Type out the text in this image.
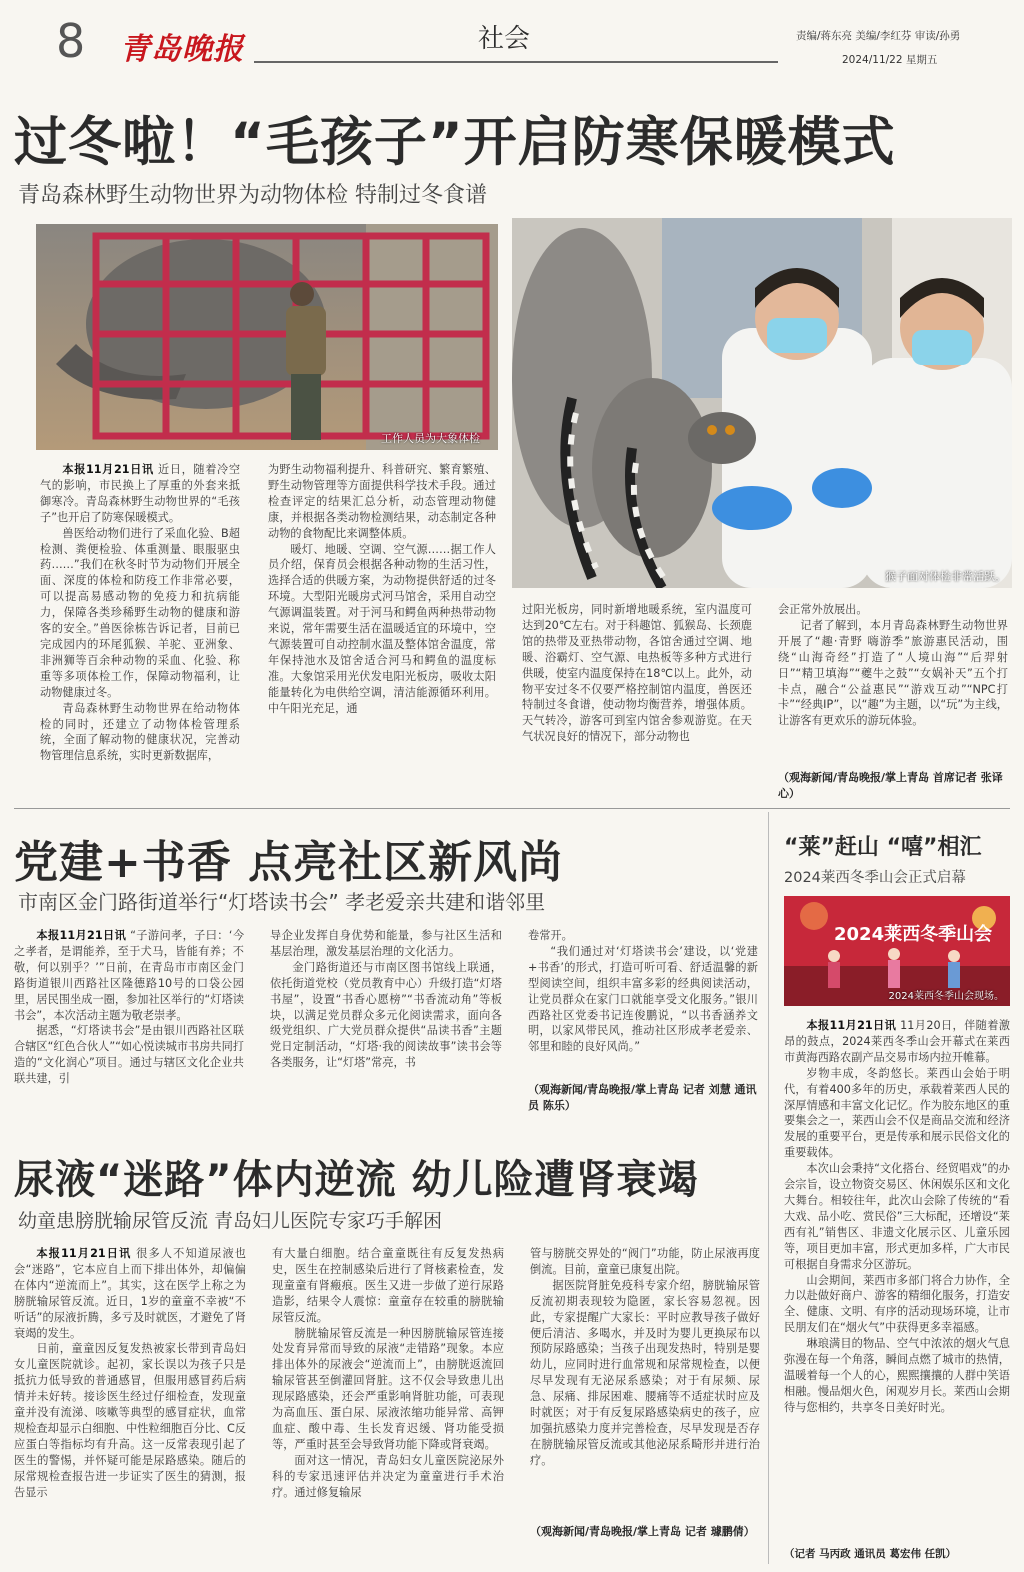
8 青岛晚报	社会	责编/蒋东亮 美编/李红芬 审读/孙勇
2024/11/22 星期五
过冬啦！“毛孩子”开启防寒保暖模式
青岛森林野生动物世界为动物体检 特制过冬食谱
工作人员为大象体检
猴子面对体检非常活跃。

本报11月21日讯 近日，随着冷空气的影响，市民换上了厚重的外套来抵御寒冷。青岛森林野生动物世界的“毛孩子”也开启了防寒保暖模式。

兽医给动物们进行了采血化验、B超检测、粪便检验、体重测量、眼服驱虫药……”我们在秋冬时节为动物们开展全面、深度的体检和防疫工作非常必要，可以提高易感动物的免疫力和抗病能力，保障各类珍稀野生动物的健康和游客的安全。”兽医徐栋告诉记者，目前已完成园内的环尾狐猴、羊驼、亚洲象、非洲狮等百余种动物的采血、化验、称重等多项体检工作，保障动物福利，让动物健康过冬。

青岛森林野生动物世界在给动物体检的同时，还建立了动物体检管理系统，全面了解动物的健康状况，完善动物管理信息系统，实时更新数据库，

为野生动物福利提升、科普研究、繁育繁殖、野生动物管理等方面提供科学技术手段。通过检查评定的结果汇总分析，动态管理动物健康，并根据各类动物检测结果，动态制定各种动物的食物配比来调整体质。

暖灯、地暖、空调、空气源……据工作人员介绍，保育员会根据各种动物的生活习性，选择合适的供暖方案，为动物提供舒适的过冬环境。大型阳光暖房式河马馆舍，采用自动空气源调温装置。对于河马和鳄鱼两种热带动物来说，常年需要生活在温暖适宜的环境中，空气源装置可自动控制水温及整体馆舍温度，常年保持池水及馆舍适合河马和鳄鱼的温度标准。大象馆采用光伏发电阳光板房，吸收太阳能量转化为电供给空调，清洁能源循环利用。中午阳光充足，通

过阳光板房，同时新增地暖系统，室内温度可达到20℃左右。对于科趣馆、狐猴岛、长颈鹿馆的热带及亚热带动物，各馆舍通过空调、地暖、浴霸灯、空气源、电热板等多种方式进行供暖，使室内温度保持在18℃以上。此外，动物平安过冬不仅要严格控制馆内温度，兽医还特制过冬食谱，使动物均衡营养，增强体质。天气转冷，游客可到室内馆舍参观游览。在天气状况良好的情况下，部分动物也

会正常外放展出。

记者了解到，本月青岛森林野生动物世界开展了“趣·青野 嗨游季”旅游惠民活动，围绕“山海奇经”打造了“人境山海”“后羿射日”“精卫填海”“夔牛之鼓”“女娲补天”五个打卡点，融合“公益惠民”“游戏互动”“NPC打卡”“经典IP”，以“趣”为主题，以“玩”为主线，让游客有更欢乐的游玩体验。

（观海新闻/青岛晚报/掌上青岛 首席记者 张译心）
党建+书香 点亮社区新风尚
市南区金门路街道举行“灯塔读书会” 孝老爱亲共建和谐邻里

本报11月21日讯 “子游问孝，子曰：‘今之孝者，是谓能养，至于犬马，皆能有养；不敬，何以别乎？’”日前，在青岛市市南区金门路街道银川西路社区隆德路10号的口袋公园里，居民围坐成一圈，参加社区举行的“灯塔读书会”，本次活动主题为敬老崇孝。

据悉，“灯塔读书会”是由银川西路社区联合辖区“红色合伙人”“如心悦读城市书房共同打造的“文化润心”项目。通过与辖区文化企业共联共建，引

导企业发挥自身优势和能量，参与社区生活和基层治理，激发基层治理的文化活力。

金门路街道还与市南区图书馆线上联通，依托街道党校（党员教育中心）升级打造“灯塔书屋”，设置“书香心愿榜”“书香流动角”等板块，以满足党员群众多元化阅读需求，面向各级党组织、广大党员群众提供“品读书香”主题党日定制活动，“灯塔·我的阅读故事”读书会等各类服务，让“灯塔”常亮，书

卷常开。

“我们通过对‘灯塔读书会’建设，以‘党建+书香’的形式，打造可听可看、舒适温馨的新型阅读空间，组织丰富多彩的经典阅读活动，让党员群众在家门口就能享受文化服务。”银川西路社区党委书记连俊鹏说，“以书香涵养文明，以家风带民风，推动社区形成孝老爱亲、邻里和睦的良好风尚。”

（观海新闻/青岛晚报/掌上青岛 记者 刘慧 通讯员 陈乐）
“莱”赶山 “嘻”相汇
2024莱西冬季山会正式启幕
2024莱西冬季山会
2024莱西冬季山会现场。

本报11月21日讯 11月20日，伴随着激昂的鼓点，2024莱西冬季山会开幕式在莱西市黄海西路农副产品交易市场内拉开帷幕。

岁物丰成，冬韵悠长。莱西山会始于明代，有着400多年的历史，承载着莱西人民的深厚情感和丰富文化记忆。作为胶东地区的重要集会之一，莱西山会不仅是商品交流和经济发展的重要平台，更是传承和展示民俗文化的重要载体。

本次山会秉持“文化搭台、经贸唱戏”的办会宗旨，设立物资交易区、休闲娱乐区和文化大舞台。相较往年，此次山会除了传统的“看大戏、品小吃、赏民俗”三大标配，还增设“莱西有礼”销售区、非遗文化展示区、儿童乐园等，项目更加丰富，形式更加多样，广大市民可根据自身需求分区游玩。

山会期间，莱西市多部门将合力协作，全力以赴做好商户、游客的精细化服务，打造安全、健康、文明、有序的活动现场环境，让市民朋友们在“烟火气”中获得更多幸福感。

琳琅满目的物品、空气中浓浓的烟火气息弥漫在每一个角落，瞬间点燃了城市的热情，温暖着每一个人的心，熙熙攘攘的人群中笑语相融。慢品烟火色，闲观岁月长。莱西山会期待与您相约，共享冬日美好时光。

（记者 马丙政 通讯员 葛宏伟 任凯）
尿液“迷路”体内逆流 幼儿险遭肾衰竭
幼童患膀胱输尿管反流 青岛妇儿医院专家巧手解困

本报11月21日讯 很多人不知道尿液也会“迷路”，它本应自上而下排出体外，却偏偏在体内“逆流而上”。其实，这在医学上称之为膀胱输尿管反流。近日，1岁的童童不幸被“不听话”的尿液折腾，多亏及时就医，才避免了肾衰竭的发生。

日前，童童因反复发热被家长带到青岛妇女儿童医院就诊。起初，家长误以为孩子只是抵抗力低导致的普通感冒，但服用感冒药后病情并未好转。接诊医生经过仔细检查，发现童童并没有流涕、咳嗽等典型的感冒症状，血常规检查却显示白细胞、中性粒细胞百分比、C反应蛋白等指标均有升高。这一反常表现引起了医生的警惕，并怀疑可能是尿路感染。随后的尿常规检查报告进一步证实了医生的猜测，报告显示

有大量白细胞。结合童童既往有反复发热病史，医生在控制感染后进行了肾核素检查，发现童童有肾瘢痕。医生又进一步做了逆行尿路造影，结果令人震惊：童童存在较重的膀胱输尿管反流。

膀胱输尿管反流是一种因膀胱输尿管连接处发育异常而导致的尿液“走错路”现象。本应排出体外的尿液会“逆流而上”，由膀胱返流回输尿管甚至倒灌回肾脏。这不仅会导致患儿出现尿路感染，还会严重影响肾脏功能，可表现为高血压、蛋白尿、尿液浓缩功能异常、高钾血症、酸中毒、生长发育迟缓、肾功能受损等，严重时甚至会导致肾功能下降或肾衰竭。

面对这一情况，青岛妇女儿童医院泌尿外科的专家迅速评估并决定为童童进行手术治疗。通过修复输尿

管与膀胱交界处的“阀门”功能，防止尿液再度倒流。目前，童童已康复出院。

据医院肾脏免疫科专家介绍，膀胱输尿管反流初期表现较为隐匿，家长容易忽视。因此，专家提醒广大家长：平时应教导孩子做好便后清洁、多喝水，并及时为婴儿更换尿布以预防尿路感染；当孩子出现发热时，特别是婴幼儿，应同时进行血常规和尿常规检查，以便尽早发现有无泌尿系感染；对于有尿频、尿急、尿痛、排尿困难、腰痛等不适症状时应及时就医；对于有反复尿路感染病史的孩子，应加强抗感染力度并完善检查，尽早发现是否存在膀胱输尿管反流或其他泌尿系畸形并进行治疗。

（观海新闻/青岛晚报/掌上青岛 记者 璩鹏倩）
